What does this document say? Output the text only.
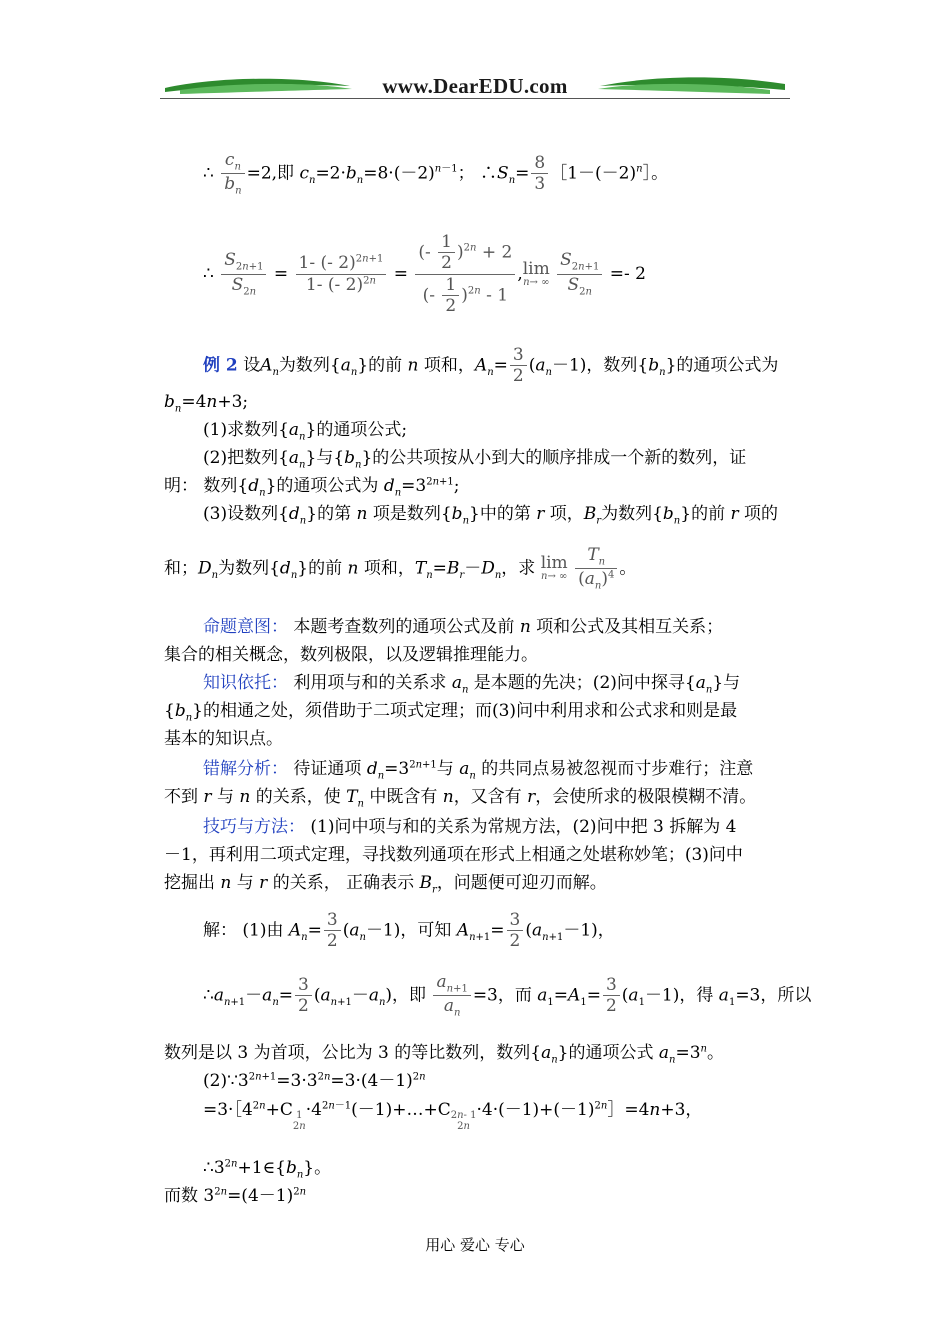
www.DearEDU.com
∴ $\frac{c_n}{b_n} =2$,即 $c_n=2\cdot b_n=8\cdot(-2)^{n-1}$； $\therefore S_n= \frac{8}{3}$ $[1-(-2)^n]$。
∴ $\frac{S_{2n+1}}{S_{2n}} = \frac{1- (- 2)^{2n+1}}{1- (- 2)^{2n}} = \frac{(- \frac{1}{2} )^{2n} + 2}{(- \frac{1}{2} )^{2n} - 1}$ , lim
n→ ∞
$\frac{S_{2n+1}}{S_{2n}} =- 2$
例 2 设$A_n$为数列$\{a_n\}$的前 n 项和，$A_n= \frac{3}{2} (a_n-1)$，数列$\{b_n\}$的通项公式为
$b_n=4n+3$;
(1)求数列$\{a_n\}$的通项公式;
(2)把数列$\{a_n\}$与$\{b_n\}$的公共项按从小到大的顺序排成一个新的数列，证
明： 数列$\{d_n\}$的通项公式为 $d_n=3^{2n+1}$;
(3)设数列$\{d_n\}$的第 n 项是数列$\{b_n\}$中的第 r 项，$B_r$为数列$\{b_n\}$的前 r 项的
和；$D_n$为数列$\{d_n\}$的前 n 项和，$T_n=B_r-D_n$，求 lim
n→ ∞
$\frac{T_n}{(a_n)^4}$ 。
命题意图： 本题考查数列的通项公式及前 n 项和公式及其相互关系；
集合的相关概念，数列极限，以及逻辑推理能力。
知识依托： 利用项与和的关系求 $a_n$ 是本题的先决；(2)问中探寻$\{a_n\}$与
$\{b_n\}$的相通之处，须借助于二项式定理；而(3)问中利用求和公式求和则是最
基本的知识点。
错解分析： 待证通项 $d_n=3^{2n+1}$与 $a_n$ 的共同点易被忽视而寸步难行；注意
不到 r 与 n 的关系，使 $T_n$ 中既含有 n，又含有 r，会使所求的极限模糊不清。
技巧与方法： (1)问中项与和的关系为常规方法，(2)问中把 3 拆解为 4
－1，再利用二项式定理，寻找数列通项在形式上相通之处堪称妙笔；(3)问中
挖掘出 n 与 r 的关系， 正确表示 $B_r$，问题便可迎刃而解。
解： (1)由 $A_n= \frac{3}{2} (a_n-1)$，可知 $A_{n+1}= \frac{3}{2} (a_{n+1}-1)$，
$\therefore a_{n+1}-a_n= \frac{3}{2} (a_{n+1}-a_n)$，即 $\frac{a_{n+1}}{a_n} =3$，而 $a_1=A_1= \frac{3}{2} (a_1-1)$，得 $a_1=3$，所以
数列是以 3 为首项，公比为 3 的等比数列，数列$\{a_n\}$的通项公式 $a_n=3^n$。
$(2)\because 3^{2n+1}=3\cdot 3^{2n}=3\cdot(4-1)^{2n}$
$=3\cdot[4^{2n}+C$ 1
$2n\cdot 4^{2n-1}(-1)+\dots+C2n-$ 1
$2n\cdot 4\cdot(-1)+(-1)^{2n}]=4n+3$，
$\therefore 3^{2n}+1\in\{b_n\}$。
而数 $3^{2n}=(4-1)^{2n}$
用心 爱心 专心
